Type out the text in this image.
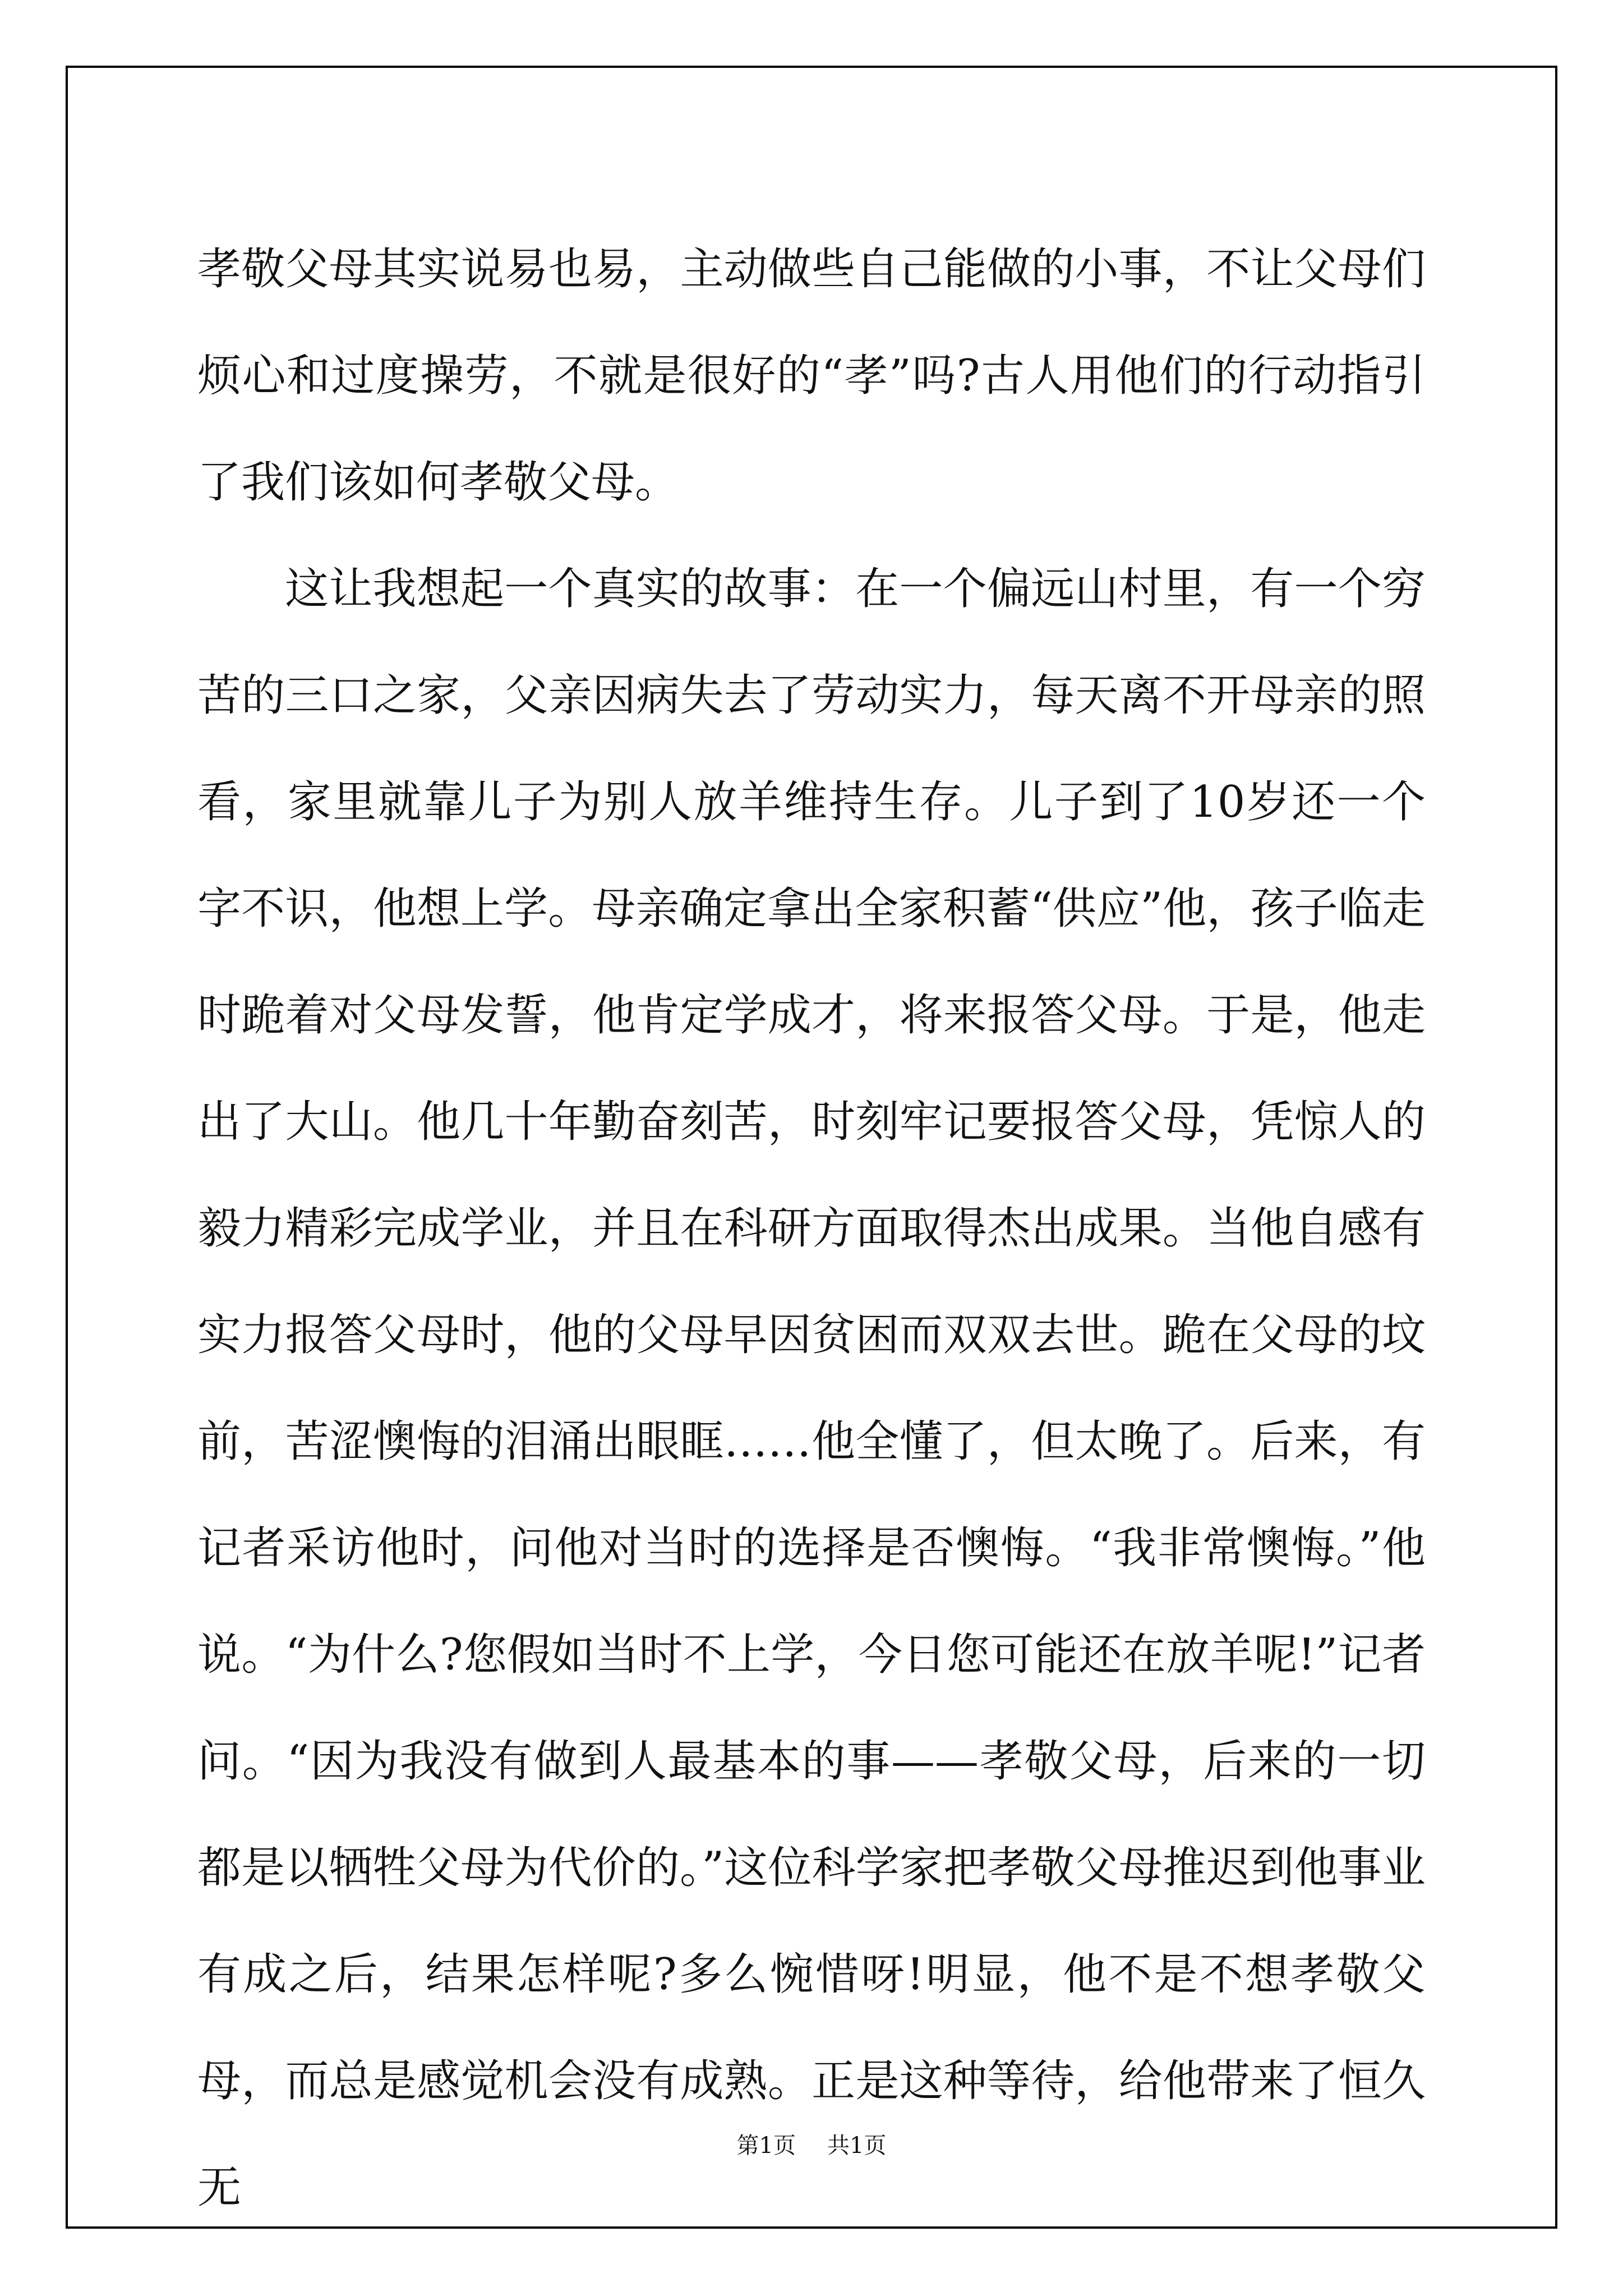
孝敬父母其实说易也易，主动做些自己能做的小事，不让父母们烦心和过度操劳，不就是很好的“孝”吗?古人用他们的行动指引了我们该如何孝敬父母。

这让我想起一个真实的故事：在一个偏远山村里，有一个穷苦的三口之家，父亲因病失去了劳动实力，每天离不开母亲的照看，家里就靠儿子为别人放羊维持生存。儿子到了10岁还一个字不识，他想上学。母亲确定拿出全家积蓄“供应”他，孩子临走时跪着对父母发誓，他肯定学成才，将来报答父母。于是，他走出了大山。他几十年勤奋刻苦，时刻牢记要报答父母，凭惊人的毅力精彩完成学业，并且在科研方面取得杰出成果。当他自感有实力报答父母时，他的父母早因贫困而双双去世。跪在父母的坟前，苦涩懊悔的泪涌出眼眶……他全懂了，但太晚了。后来，有记者采访他时，问他对当时的选择是否懊悔。“我非常懊悔。”他说。“为什么?您假如当时不上学，今日您可能还在放羊呢!”记者问。“因为我没有做到人最基本的事——孝敬父母，后来的一切都是以牺牲父母为代价的。”这位科学家把孝敬父母推迟到他事业有成之后，结果怎样呢?多么惋惜呀!明显，他不是不想孝敬父母，而总是感觉机会没有成熟。正是这种等待，给他带来了恒久无

第1页 共1页
